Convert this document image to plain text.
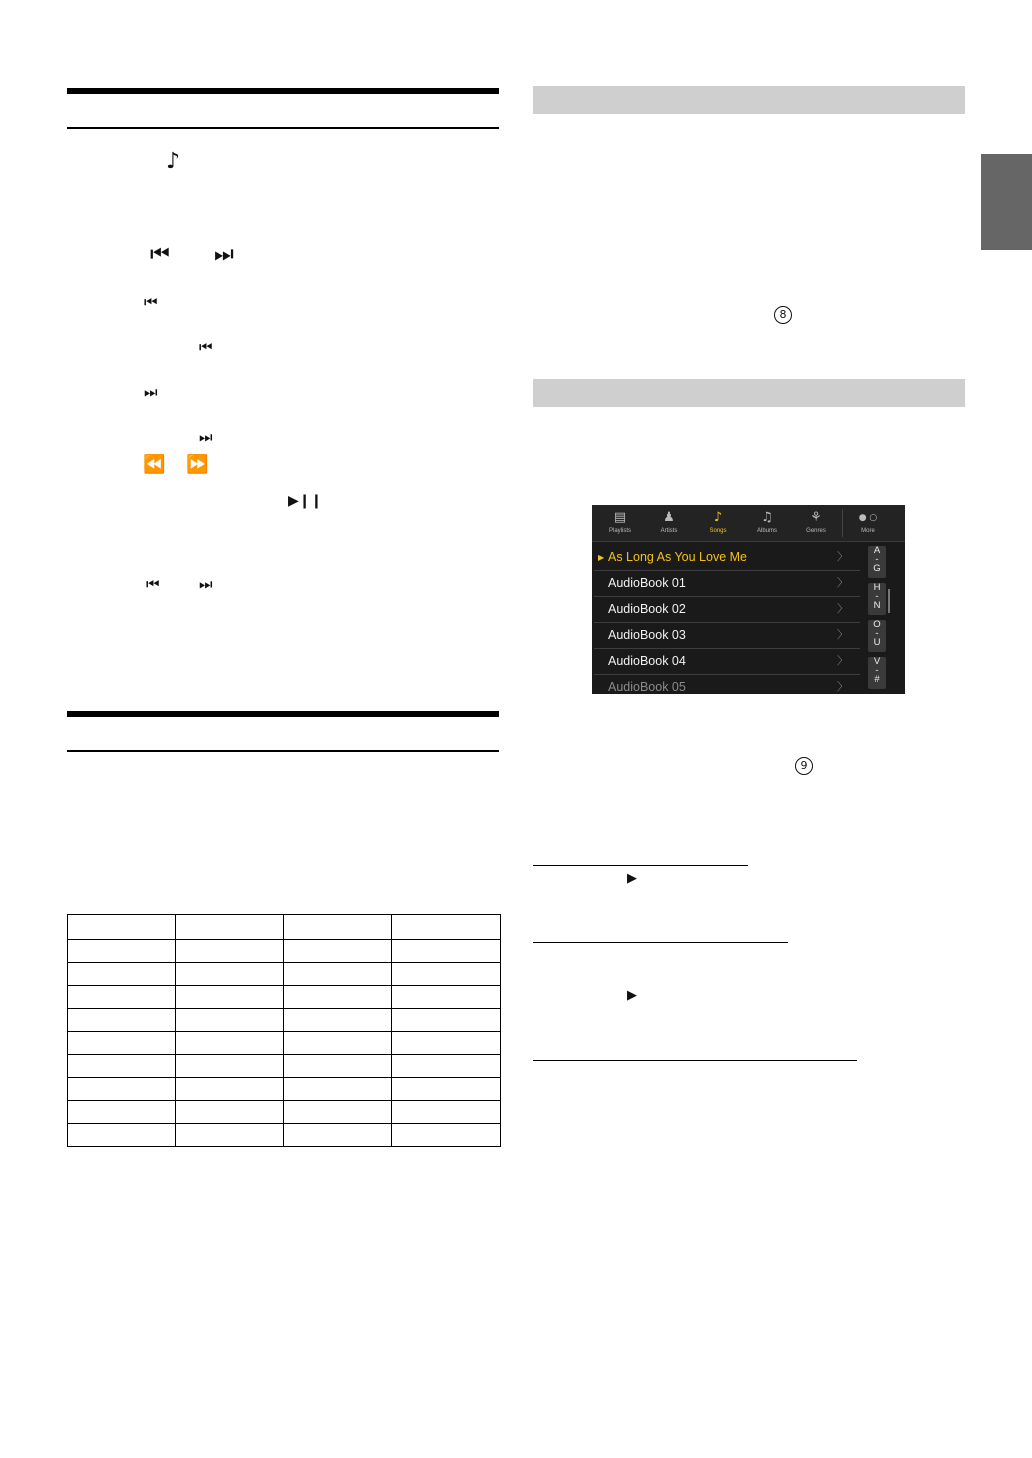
♪
⏮ ⏭
⏮
⏮
⏭
⏭
⏪ ⏩
▶❙❙
⏮	⏭

8
9
▤
Playlists
♟
Artists
♪
Songs
♫
Albums
⚘
Genres
● ○
More
▶ As Long As You Love Me	〉
AudioBook 01	〉
AudioBook 02	〉
AudioBook 03	〉
AudioBook 04	〉
AudioBook 05	〉
A
-
G
H
-
N
O
-
U
V
-
#
▶
▶
